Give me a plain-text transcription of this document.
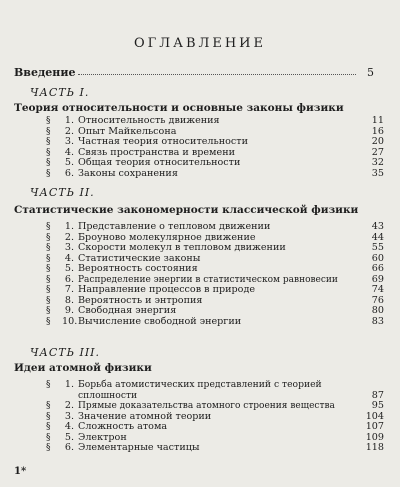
ОГЛАВЛЕНИЕ
Введение	5
ЧАСТЬ I.
Теория относительности и основные законы физики
§ 1. Относительность движения	11
§ 2. Опыт Майкельсона	16
§ 3. Частная теория относительности	20
§ 4. Связь пространства и времени	27
§ 5. Общая теория относительности	32
§ 6. Законы сохранения	35
ЧАСТЬ II.
Статистические закономерности классической физики
§ 1. Представление о тепловом движении	43
§ 2. Броуново молекулярное движение	44
§ 3. Скорости молекул в тепловом движении	55
§ 4. Статистические законы	60
§ 5. Вероятность состояния	66
§ 6. Распределение энергии в статистическом равновесии	69
§ 7. Направление процессов в природе	74
§ 8. Вероятность и энтропия	76
§ 9. Свободная энергия	80
§ 10. Вычисление свободной энергии	83
ЧАСТЬ III.
Идеи атомной физики
§ 1. Борьба атомистических представлений с теорией
сплошности	87
§ 2. Прямые доказательства атомного строения вещества	95
§ 3. Значение атомной теории	104
§ 4. Сложность атома	107
§ 5. Электрон	109
§ 6. Элементарные частицы	118
1*
